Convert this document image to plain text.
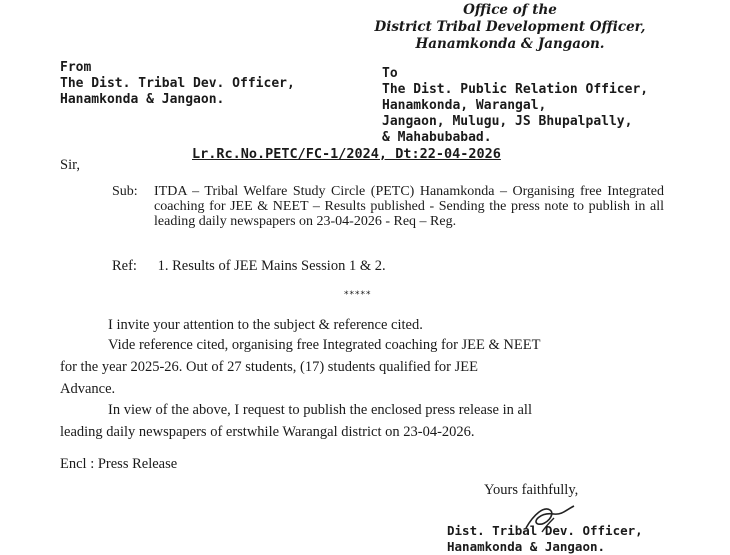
Office of the
District Tribal Development Officer,
Hanamkonda & Jangaon.
From
The Dist. Tribal Dev. Officer,
Hanamkonda & Jangaon.
To
The Dist. Public Relation Officer,
Hanamkonda, Warangal,
Jangaon, Mulugu, JS Bhupalpally,
& Mahabubabad.
Lr.Rc.No.PETC/FC-1/2024, Dt:22-04-2026
Sir,
Sub: ITDA – Tribal Welfare Study Circle (PETC) Hanamkonda – Organising free Integrated coaching for JEE & NEET – Results published - Sending the press note to publish in all leading daily newspapers on 23-04-2026 - Req – Reg.
Ref: 1. Results of JEE Mains Session 1 & 2.
*****
I invite your attention to the subject & reference cited.
Vide reference cited, organising free Integrated coaching for JEE & NEET
for the year 2025-26. Out of 27 students, (17) students qualified for JEE
Advance.
In view of the above, I request to publish the enclosed press release in all
leading daily newspapers of erstwhile Warangal district on 23-04-2026.
Encl : Press Release
Yours faithfully,
Dist. Tribal Dev. Officer,
Hanamkonda & Jangaon.
